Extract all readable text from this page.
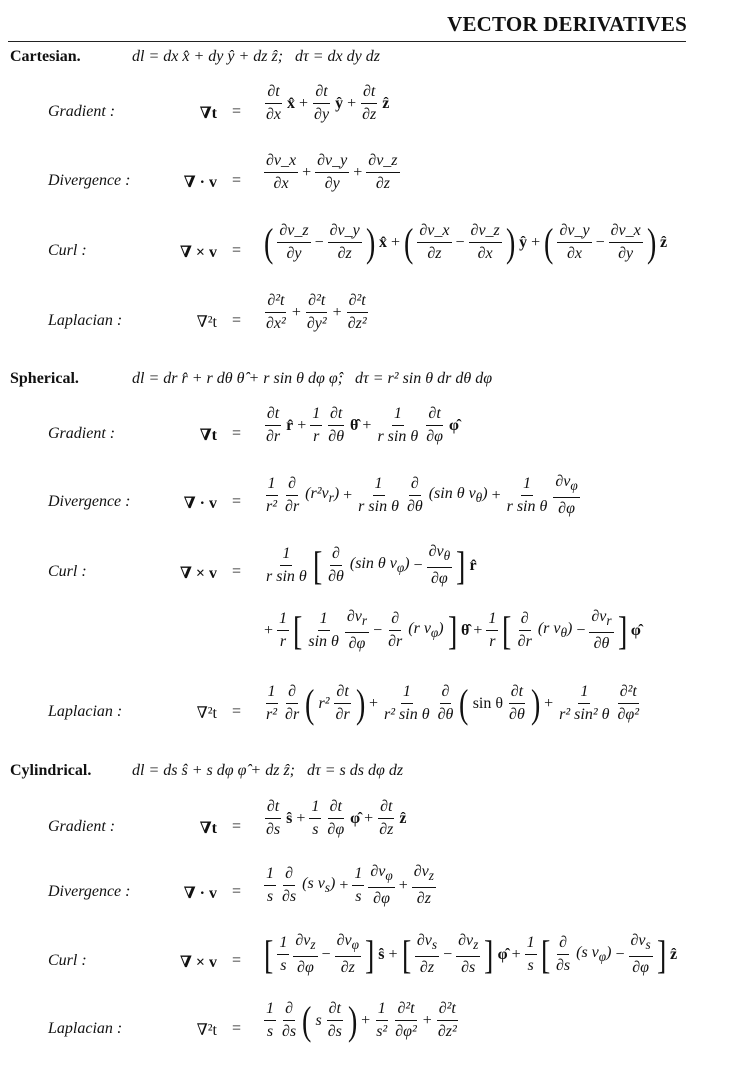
VECTOR DERIVATIVES
Cartesian.	dl = dx x̂ + dy ŷ + dz ẑ; dτ = dx dy dz
Gradient :	$\nabla t = \frac{\partial t}{\partial x}$ x̂ + $\frac{\partial t}{\partial y}$ ŷ + $\frac{\partial t}{\partial z}$ ẑ
Divergence :	∇ · $v = \frac{\partial v\_x}{\partial x} + \frac{\partial v\_y}{\partial y} + \frac{\partial v\_z}{\partial z}$
Curl :	∇ × v = ( $\frac{\partial v\_z}{\partial y} - \frac{\partial v\_y}{\partial z}$ ) x̂ + ( $\frac{\partial v\_x}{\partial z} - \frac{\partial v\_z}{\partial x}$ ) ŷ + ( $\frac{\partial v\_y}{\partial x} - \frac{\partial v\_x}{\partial y}$ ) ẑ
Laplacian :	$\nabla^2t = \frac{\text{∂²t}}{\text{∂x²}} + \frac{\text{∂²t}}{\text{∂y²}} + \frac{\text{∂²t}}{\text{∂z²}}$
Spherical.	dl = dr r̂ + r dθ θ̂ + r sin θ dφ φ̂; dτ = r² sin θ dr dθ dφ
Gradient :	$\nabla t = \frac{\partial t}{\partial r}$ r̂ + $\frac{1}{r} \frac{\partial t}{\partial\theta}$ θ̂ + $\frac{1}{\text{r sin θ}} \frac{\partial t}{\partial\varphi}$ φ̂
Divergence :	∇ · $v = \frac{1}{\text{r²}} \frac{\partial}{\partial r} (r^2v_r) + \frac{1}{\text{r sin θ}} \frac{\partial}{\partial\theta} (\sin$ θ $v_\theta) + \frac{1}{\text{r sin θ}} \frac{\partial v_\varphi}{\partial\varphi}$
Curl :	∇ × $v = \frac{1}{\text{r sin θ}}$ [ $\frac{\partial}{\partial\theta} (\sin$ θ $v_\varphi) - \frac{\partial v_\theta}{\partial\varphi}$ ] r̂
+ $\frac{1}{r}$ [ $\frac{1}{\text{sin θ}} \frac{\partial v_r}{\partial\varphi} - \frac{\partial}{\partial r} (r$ $v_\varphi$) ] θ̂ + $\frac{1}{r}$ [ $\frac{\partial}{\partial r} (r$ $v_\theta) - \frac{\partial v_r}{\partial\theta}$ ] φ̂
Laplacian :	$\nabla^2t = \frac{1}{\text{r²}} \frac{\partial}{\partial r}$ ( $r^2 \frac{\partial t}{\partial r}$ ) + $\frac{1}{\text{r² sin θ}} \frac{\partial}{\partial\theta}$ ( sin θ $\frac{\partial t}{\partial\theta}$ ) + $\frac{1}{\text{r² sin² θ}} \frac{\text{∂²t}}{\text{∂φ²}}$
Cylindrical.	dl = ds ŝ + s dφ φ̂ + dz ẑ; dτ = s ds dφ dz
Gradient :	$\nabla t = \frac{\partial t}{\partial s}$ ŝ + $\frac{1}{s} \frac{\partial t}{\partial\varphi}$ φ̂ + $\frac{\partial t}{\partial z}$ ẑ
Divergence :	∇ · $v = \frac{1}{s} \frac{\partial}{\partial s} (s$ $v_s) + \frac{1}{s} \frac{\partial v_\varphi}{\partial\varphi} + \frac{\partial v_z}{\partial z}$
Curl :	∇ × v = [ $\frac{1}{s} \frac{\partial v_z}{\partial\varphi} - \frac{\partial v_\varphi}{\partial z}$ ] ŝ + [ $\frac{\partial v_s}{\partial z} - \frac{\partial v_z}{\partial s}$ ] φ̂ + $\frac{1}{s}$ [ $\frac{\partial}{\partial s} (s$ $v_\varphi) - \frac{\partial v_s}{\partial\varphi}$ ] ẑ
Laplacian :	$\nabla^2t = \frac{1}{s} \frac{\partial}{\partial s}$ ( s $\frac{\partial t}{\partial s}$ ) + $\frac{1}{\text{s²}} \frac{\text{∂²t}}{\text{∂φ²}} + \frac{\text{∂²t}}{\text{∂z²}}$
